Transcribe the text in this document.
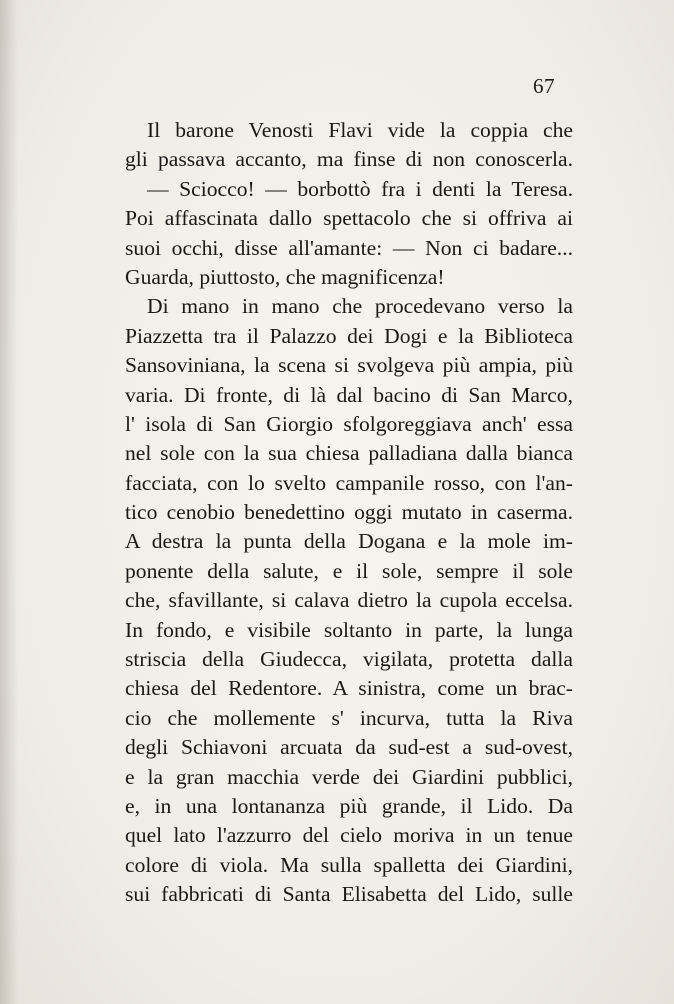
67
Il barone Venosti Flavi vide la coppia che
gli passava accanto, ma finse di non conoscerla.
— Sciocco! — borbottò fra i denti la Teresa.
Poi affascinata dallo spettacolo che si offriva ai
suoi occhi, disse all'amante: — Non ci badare...
Guarda, piuttosto, che magnificenza!
Di mano in mano che procedevano verso la
Piazzetta tra il Palazzo dei Dogi e la Biblioteca
Sansoviniana, la scena si svolgeva più ampia, più
varia. Di fronte, di là dal bacino di San Marco,
l' isola di San Giorgio sfolgoreggiava anch' essa
nel sole con la sua chiesa palladiana dalla bianca
facciata, con lo svelto campanile rosso, con l'an-
tico cenobio benedettino oggi mutato in caserma.
A destra la punta della Dogana e la mole im-
ponente della salute, e il sole, sempre il sole
che, sfavillante, si calava dietro la cupola eccelsa.
In fondo, e visibile soltanto in parte, la lunga
striscia della Giudecca, vigilata, protetta dalla
chiesa del Redentore. A sinistra, come un brac-
cio che mollemente s' incurva, tutta la Riva
degli Schiavoni arcuata da sud-est a sud-ovest,
e la gran macchia verde dei Giardini pubblici,
e, in una lontananza più grande, il Lido. Da
quel lato l'azzurro del cielo moriva in un tenue
colore di viola. Ma sulla spalletta dei Giardini,
sui fabbricati di Santa Elisabetta del Lido, sulle
